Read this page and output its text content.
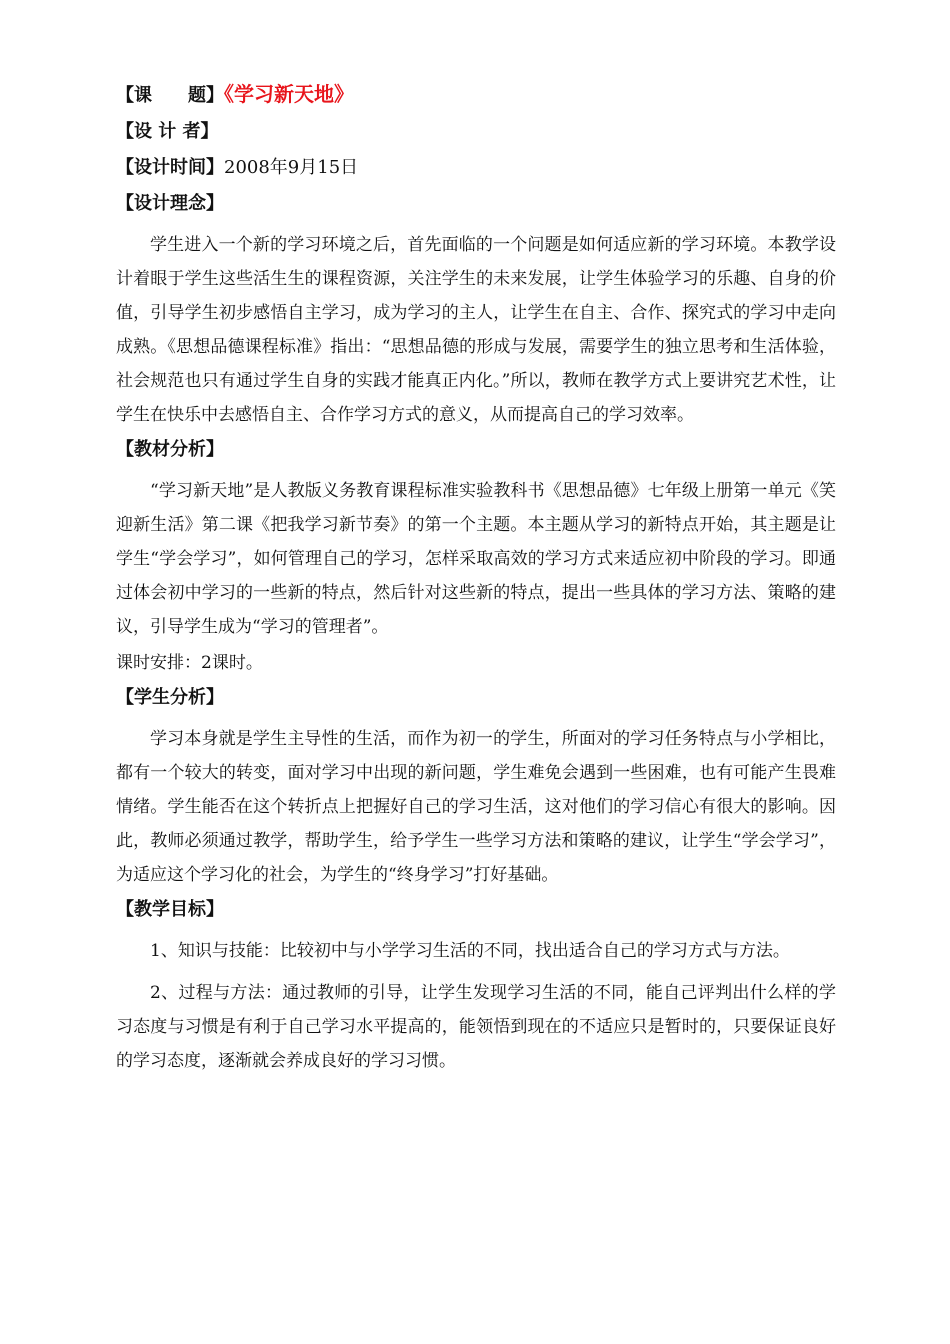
【课　　题】《学习新天地》
【设 计 者】
【设计时间】2008年9月15日
【设计理念】

学生进入一个新的学习环境之后，首先面临的一个问题是如何适应新的学习环境。本教学设计着眼于学生这些活生生的课程资源，关注学生的未来发展，让学生体验学习的乐趣、自身的价值，引导学生初步感悟自主学习，成为学习的主人，让学生在自主、合作、探究式的学习中走向成熟。《思想品德课程标准》指出：“思想品德的形成与发展，需要学生的独立思考和生活体验，社会规范也只有通过学生自身的实践才能真正内化。”所以，教师在教学方式上要讲究艺术性，让学生在快乐中去感悟自主、合作学习方式的意义，从而提高自己的学习效率。

【教材分析】

“学习新天地”是人教版义务教育课程标准实验教科书《思想品德》七年级上册第一单元《笑迎新生活》第二课《把我学习新节奏》的第一个主题。本主题从学习的新特点开始，其主题是让学生“学会学习”，如何管理自己的学习，怎样采取高效的学习方式来适应初中阶段的学习。即通过体会初中学习的一些新的特点，然后针对这些新的特点，提出一些具体的学习方法、策略的建议，引导学生成为“学习的管理者”。

课时安排：2课时。

【学生分析】

学习本身就是学生主导性的生活，而作为初一的学生，所面对的学习任务特点与小学相比，都有一个较大的转变，面对学习中出现的新问题，学生难免会遇到一些困难，也有可能产生畏难情绪。学生能否在这个转折点上把握好自己的学习生活，这对他们的学习信心有很大的影响。因此，教师必须通过教学，帮助学生，给予学生一些学习方法和策略的建议，让学生“学会学习”，为适应这个学习化的社会，为学生的“终身学习”打好基础。

【教学目标】

1、知识与技能：比较初中与小学学习生活的不同，找出适合自己的学习方式与方法。

2、过程与方法：通过教师的引导，让学生发现学习生活的不同，能自己评判出什么样的学习态度与习惯是有利于自己学习水平提高的，能领悟到现在的不适应只是暂时的，只要保证良好的学习态度，逐渐就会养成良好的学习习惯。
